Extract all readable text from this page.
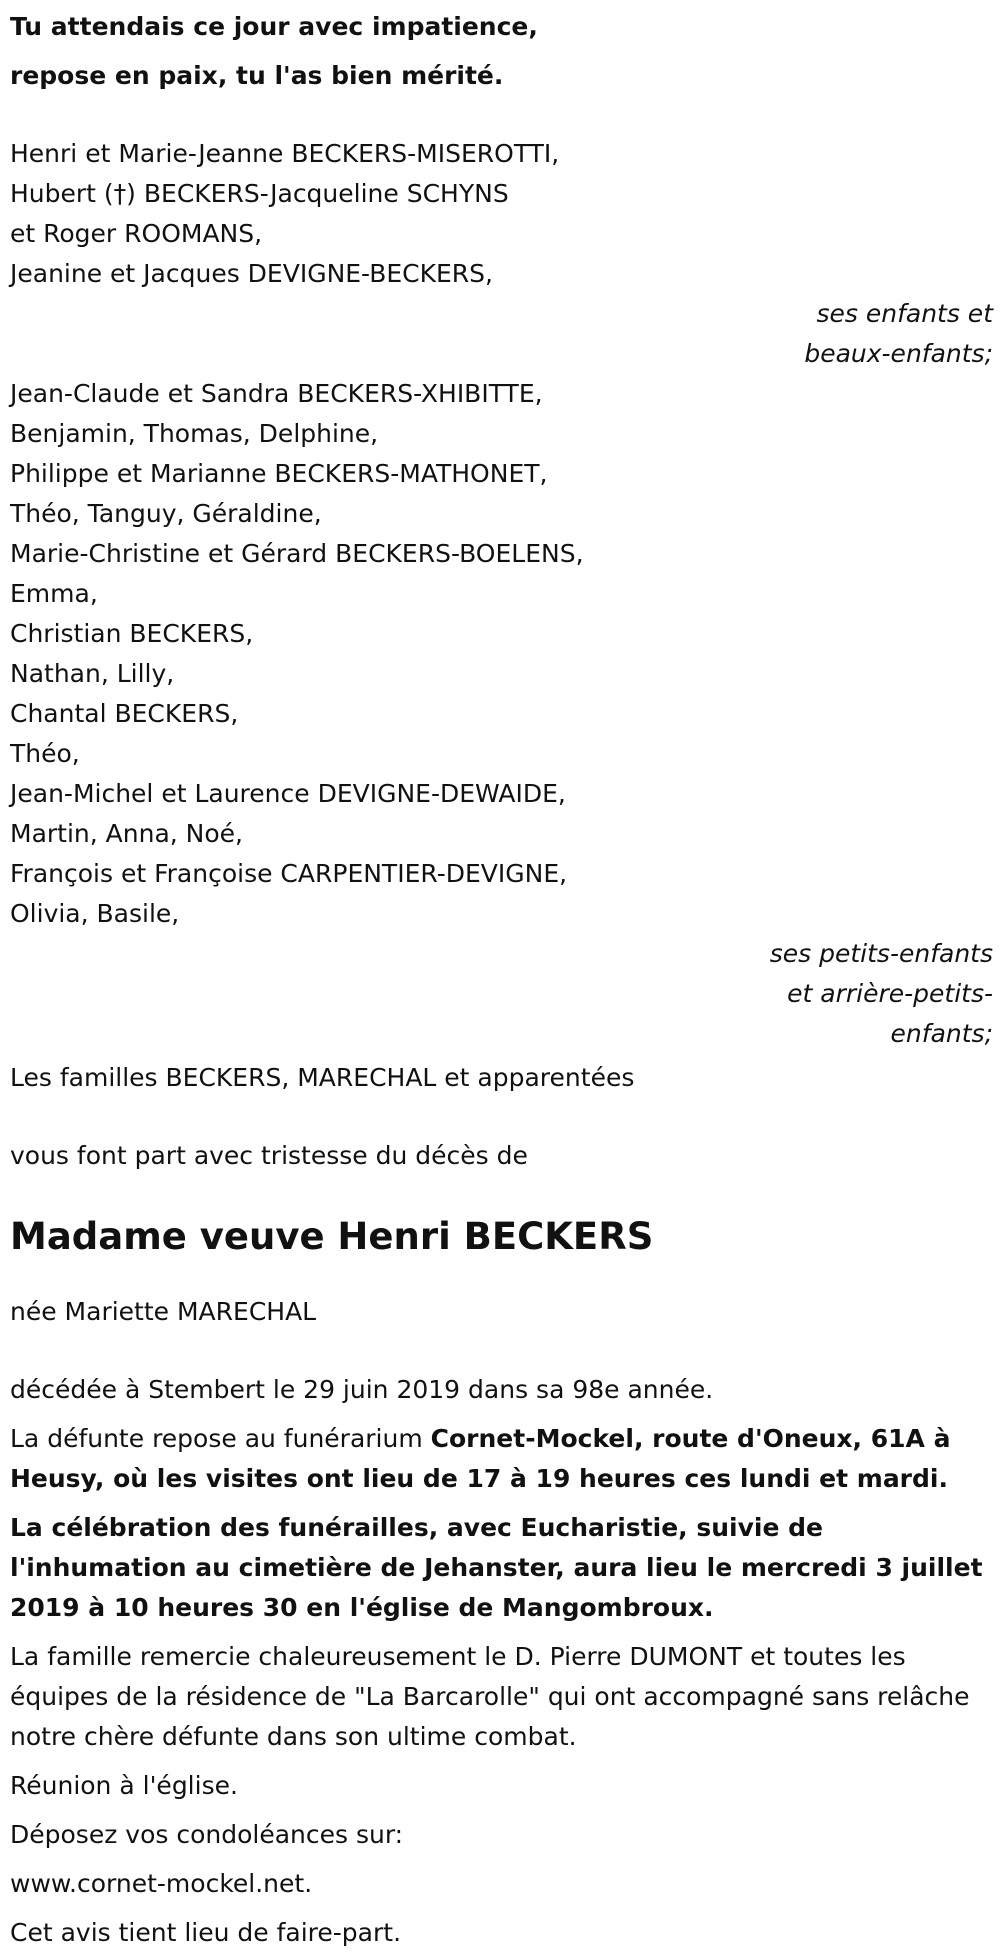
Tu attendais ce jour avec impatience,
repose en paix, tu l'as bien mérité.
Henri et Marie-Jeanne BECKERS-MISEROTTI,
Hubert (†) BECKERS-Jacqueline SCHYNS
et Roger ROOMANS,
Jeanine et Jacques DEVIGNE-BECKERS,
ses enfants et
beaux-enfants;
Jean-Claude et Sandra BECKERS-XHIBITTE,
Benjamin, Thomas, Delphine,
Philippe et Marianne BECKERS-MATHONET,
Théo, Tanguy, Géraldine,
Marie-Christine et Gérard BECKERS-BOELENS,
Emma,
Christian BECKERS,
Nathan, Lilly,
Chantal BECKERS,
Théo,
Jean-Michel et Laurence DEVIGNE-DEWAIDE,
Martin, Anna, Noé,
François et Françoise CARPENTIER-DEVIGNE,
Olivia, Basile,
ses petits-enfants
et arrière-petits-
enfants;
Les familles BECKERS, MARECHAL et apparentées
vous font part avec tristesse du décès de
Madame veuve Henri BECKERS
née Mariette MARECHAL
décédée à Stembert le 29 juin 2019 dans sa 98e année.
La défunte repose au funérarium Cornet-Mockel, route d'Oneux, 61A à Heusy, où les visites ont lieu de 17 à 19 heures ces lundi et mardi.
La célébration des funérailles, avec Eucharistie, suivie de l'inhumation au cimetière de Jehanster, aura lieu le mercredi 3 juillet 2019 à 10 heures 30 en l'église de Mangombroux.
La famille remercie chaleureusement le D. Pierre DUMONT et toutes les équipes de la résidence de "La Barcarolle" qui ont accompagné sans relâche notre chère défunte dans son ultime combat.
Réunion à l'église.
Déposez vos condoléances sur:
www.cornet-mockel.net.
Cet avis tient lieu de faire-part.
